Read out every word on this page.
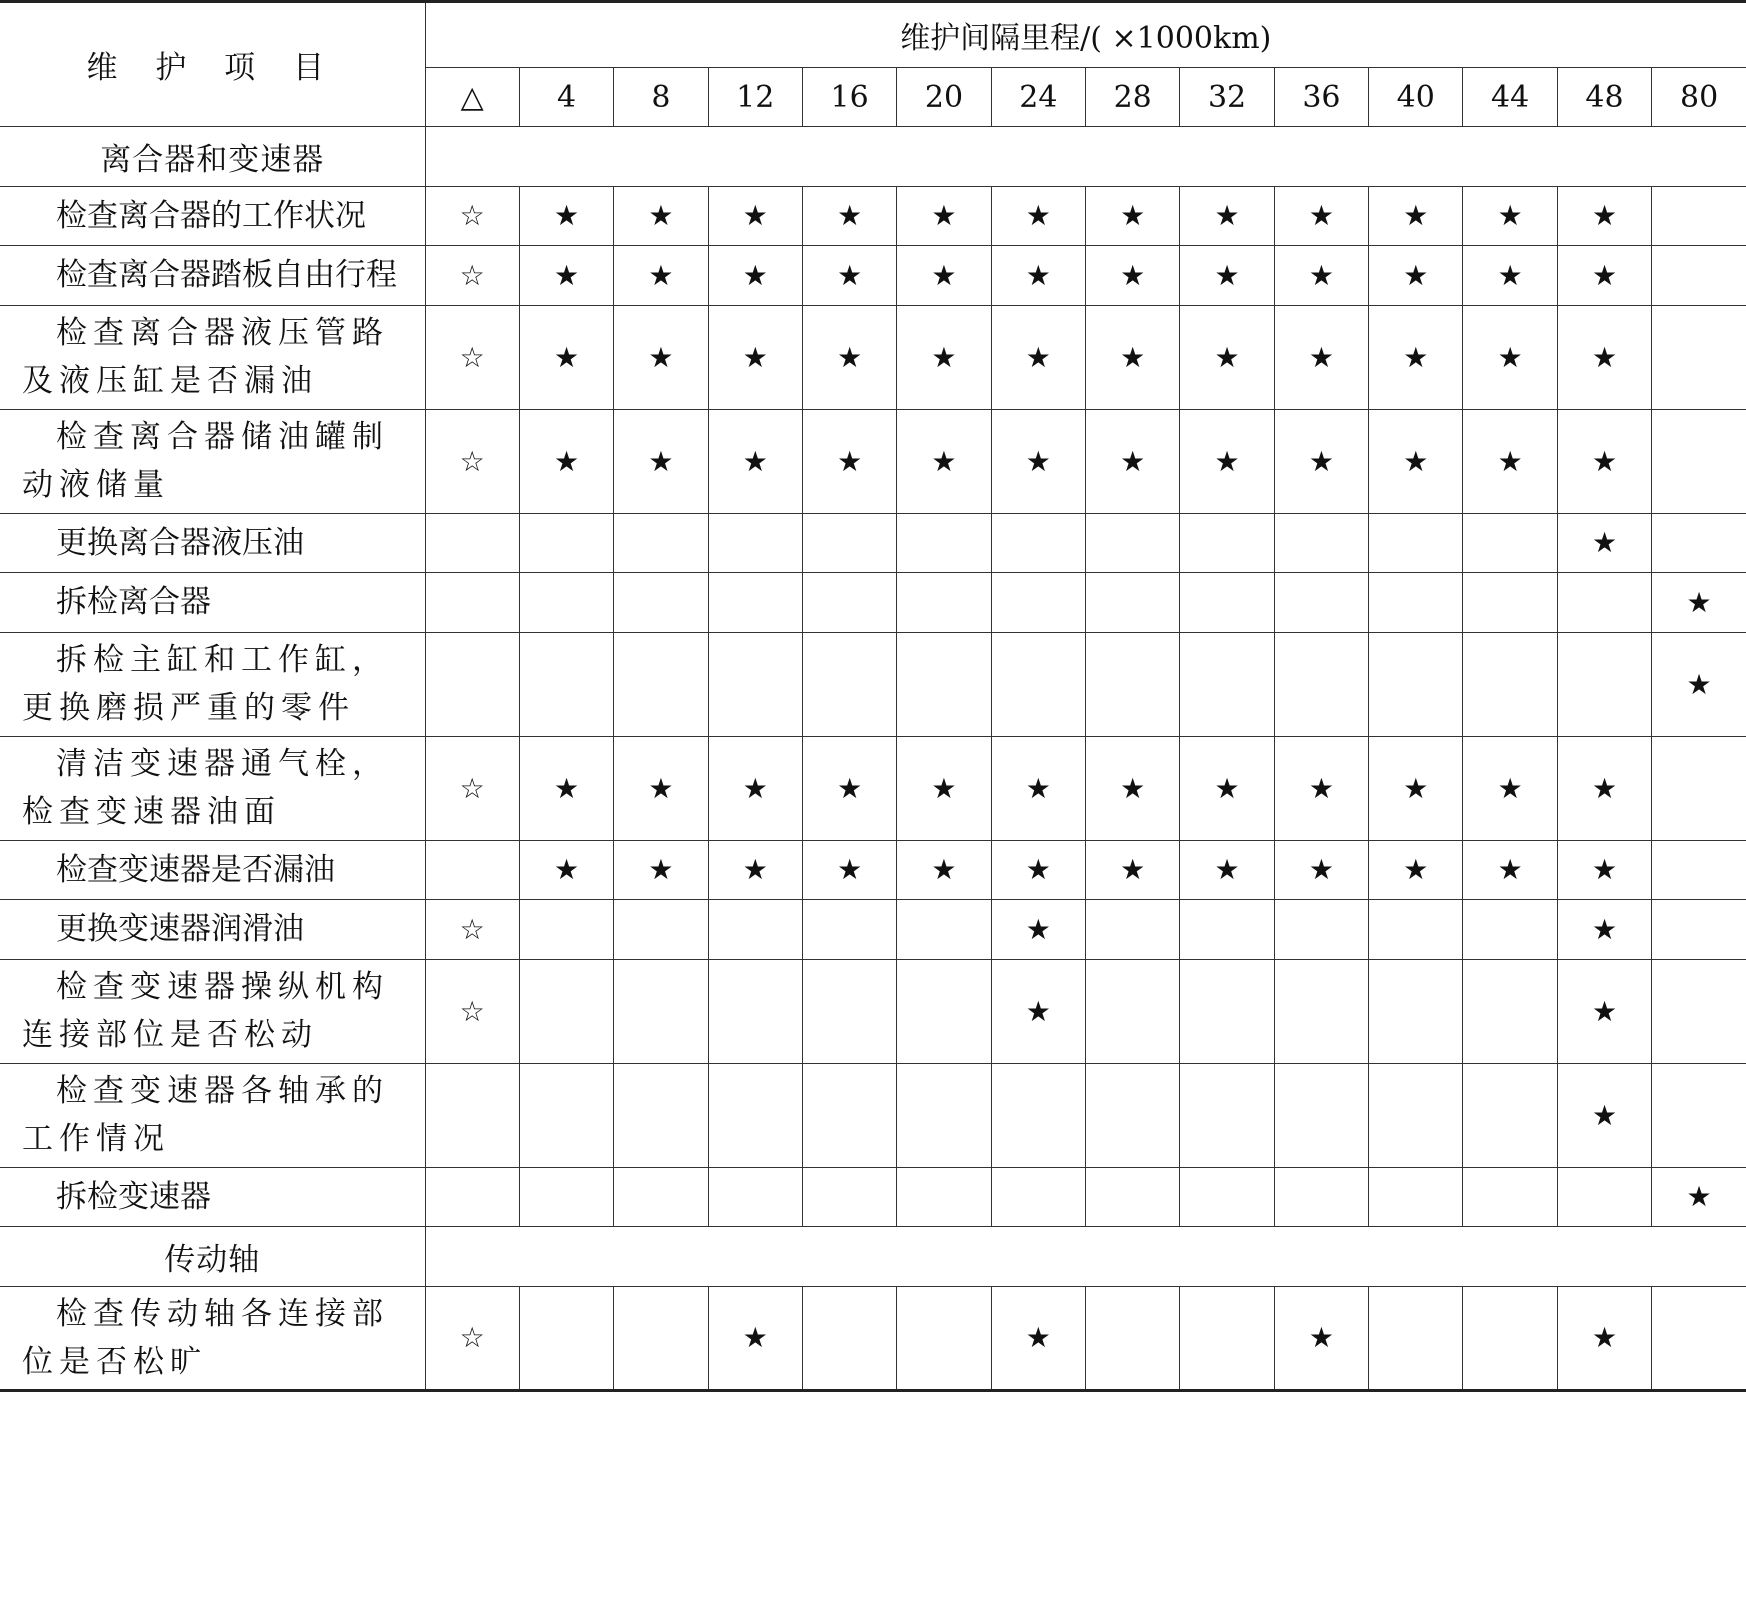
维 护 项 目	维护间隔里程/( ×1000km)													
	△	4	8	12	16	20	24	28	32	36	40	44	48	80
离合器和变速器														
检查离合器的工作状况	☆	★	★	★	★	★	★	★	★	★	★	★	★	
检查离合器踏板自由行程	☆	★	★	★	★	★	★	★	★	★	★	★	★	
检查离合器液压管路及液压缸是否漏油	☆	★	★	★	★	★	★	★	★	★	★	★	★	
检查离合器储油罐制动液储量	☆	★	★	★	★	★	★	★	★	★	★	★	★	
更换离合器液压油													★	
拆检离合器														★
拆检主缸和工作缸，更换磨损严重的零件														★
清洁变速器通气栓，检查变速器油面	☆	★	★	★	★	★	★	★	★	★	★	★	★	
检查变速器是否漏油		★	★	★	★	★	★	★	★	★	★	★	★	
更换变速器润滑油	☆						★						★	
检查变速器操纵机构连接部位是否松动	☆						★						★	
检查变速器各轴承的工作情况													★	
拆检变速器														★
传动轴														
检查传动轴各连接部位是否松旷	☆			★			★			★			★	
